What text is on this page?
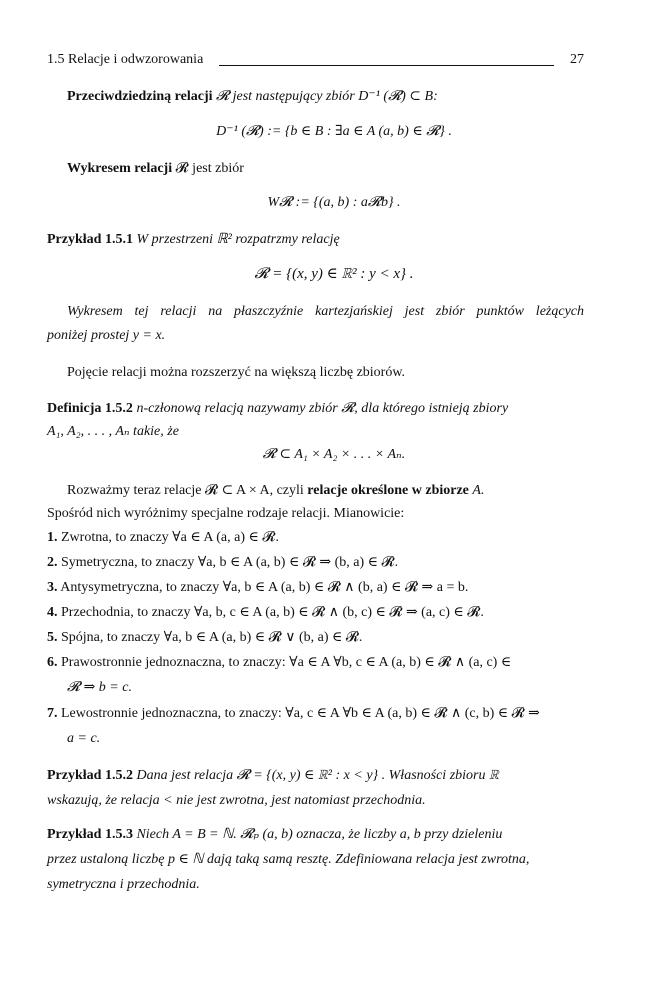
1.5 Relacje i odwzorowania	27
Przeciwdziedziną relacji 𝓡 jest następujący zbiór D⁻¹ (𝓡) ⊂ B:
D⁻¹ (𝓡) := {b ∈ B : ∃a ∈ A (a, b) ∈ 𝓡} .
Wykresem relacji 𝓡 jest zbiór
W𝓡 := {(a, b) : a𝓡b} .
Przykład 1.5.1 W przestrzeni ℝ² rozpatrzmy relację
𝓡 = {(x, y) ∈ ℝ² : y < x} .
Wykresem tej relacji na płaszczyźnie kartezjańskiej jest zbiór punktów leżących
poniżej prostej y = x.
Pojęcie relacji można rozszerzyć na większą liczbę zbiorów.
Definicja 1.5.2 n-członową relacją nazywamy zbiór 𝓡, dla którego istnieją zbiory
A₁, A₂, . . . , Aₙ takie, że
𝓡 ⊂ A₁ × A₂ × . . . × Aₙ.
Rozważmy teraz relacje 𝓡 ⊂ A × A, czyli relacje określone w zbiorze A.
Spośród nich wyróżnimy specjalne rodzaje relacji. Mianowicie:
1. Zwrotna, to znaczy ∀a ∈ A (a, a) ∈ 𝓡.
2. Symetryczna, to znaczy ∀a, b ∈ A (a, b) ∈ 𝓡 ⇒ (b, a) ∈ 𝓡.
3. Antysymetryczna, to znaczy ∀a, b ∈ A (a, b) ∈ 𝓡 ∧ (b, a) ∈ 𝓡 ⇒ a = b.
4. Przechodnia, to znaczy ∀a, b, c ∈ A (a, b) ∈ 𝓡 ∧ (b, c) ∈ 𝓡 ⇒ (a, c) ∈ 𝓡.
5. Spójna, to znaczy ∀a, b ∈ A (a, b) ∈ 𝓡 ∨ (b, a) ∈ 𝓡.
6. Prawostronnie jednoznaczna, to znaczy: ∀a ∈ A ∀b, c ∈ A (a, b) ∈ 𝓡 ∧ (a, c) ∈
𝓡 ⇒ b = c.
7. Lewostronnie jednoznaczna, to znaczy: ∀a, c ∈ A ∀b ∈ A (a, b) ∈ 𝓡 ∧ (c, b) ∈ 𝓡 ⇒
a = c.
Przykład 1.5.2 Dana jest relacja 𝓡 = {(x, y) ∈ ℝ² : x < y} . Własności zbioru ℝ
wskazują, że relacja < nie jest zwrotna, jest natomiast przechodnia.
Przykład 1.5.3 Niech A = B = ℕ. 𝓡ₚ (a, b) oznacza, że liczby a, b przy dzieleniu
przez ustaloną liczbę p ∈ ℕ dają taką samą resztę. Zdefiniowana relacja jest zwrotna,
symetryczna i przechodnia.
